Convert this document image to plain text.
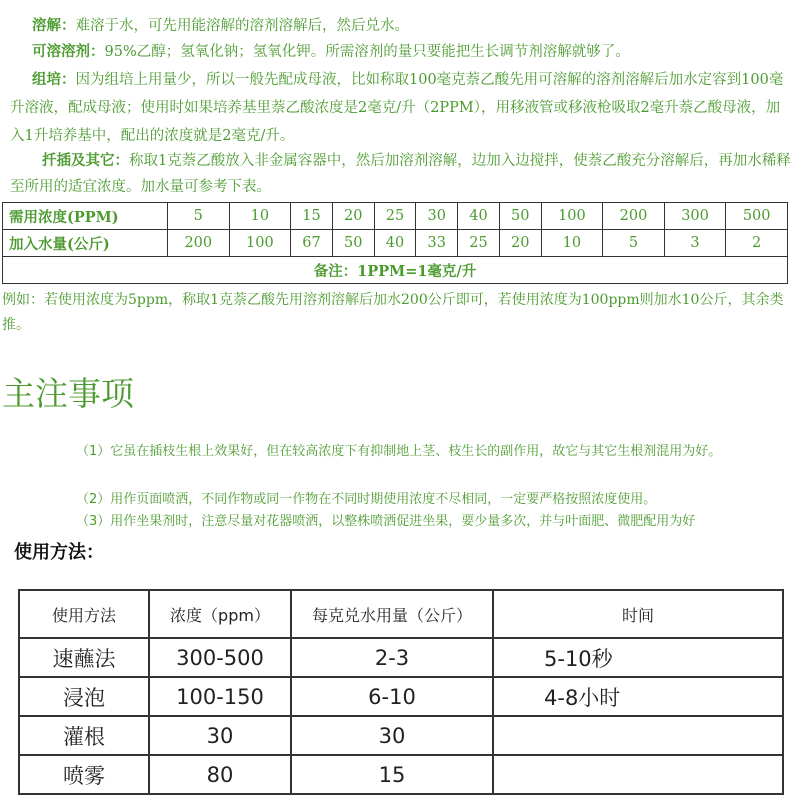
溶解：难溶于水，可先用能溶解的溶剂溶解后，然后兑水。
可溶溶剂：95%乙醇；氢氧化钠；氢氧化钾。所需溶剂的量只要能把生长调节剂溶解就够了。
组培：因为组培上用量少，所以一般先配成母液，比如称取100毫克萘乙酸先用可溶解的溶剂溶解后加水定容到100毫升溶液，配成母液；使用时如果培养基里萘乙酸浓度是2毫克/升（2PPM），用移液管或移液枪吸取2毫升萘乙酸母液，加入1升培养基中，配出的浓度就是2毫克/升。
扦插及其它：称取1克萘乙酸放入非金属容器中，然后加溶剂溶解，边加入边搅拌，使萘乙酸充分溶解后，再加水稀释至所用的适宜浓度。加水量可参考下表。
需用浓度(PPM)	5	10	15	20	25	30	40	50	100	200	300	500
加入水量(公斤)	200	100	67	50	40	33	25	20	10	5	3	2
备注：1PPM=1毫克/升												
例如：若使用浓度为5ppm，称取1克萘乙酸先用溶剂溶解后加水200公斤即可，若使用浓度为100ppm则加水10公斤，其余类推。
主注事项
（1）它虽在插枝生根上效果好，但在较高浓度下有抑制地上茎、枝生长的副作用，故它与其它生根剂混用为好。
（2）用作页面喷洒，不同作物或同一作物在不同时期使用浓度不尽相同，一定要严格按照浓度使用。
（3）用作坐果剂时，注意尽量对花器喷洒，以整株喷洒促进坐果，要少量多次，并与叶面肥、微肥配用为好
使用方法：
使用方法	浓度（ppm）	每克兑水用量（公斤）	时间
速蘸法	300-500	2-3	5-10秒
浸泡	100-150	6-10	4-8小时
灌根	30	30	
喷雾	80	15	
